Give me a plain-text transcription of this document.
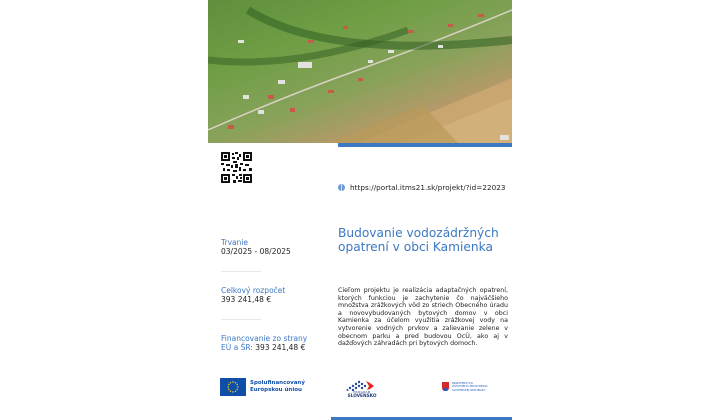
https://portal.itms21.sk/projekt/?id=22023
Trvanie
03/2025 - 08/2025
Celkový rozpočet
393 241,48 €
Financovanie zo strany
EÚ a ŠR: 393 241,48 €
Budovanie vodozádržných opatrení v obci Kamienka
Cieľom projektu je realizácia adaptačných opatrení, ktorých funkciou je zachytenie čo najväčšieho množstva zrážkových vôd zo striech Obecného úradu a novovybudovaných bytových domov v obci Kamienka za účelom využitia zrážkovej vody na vytvorenie vodných prvkov a zalievanie zelene v obecnom parku a pred budovou OcÚ, ako aj v dažďových záhradách pri bytových domoch.
Spolufinancovaný
Európskou úniou	PROGRAM
SLOVENSKO
MINISTERSTVO
ŽIVOTNÉHO PROSTREDIA
SLOVENSKEJ REPUBLIKY
